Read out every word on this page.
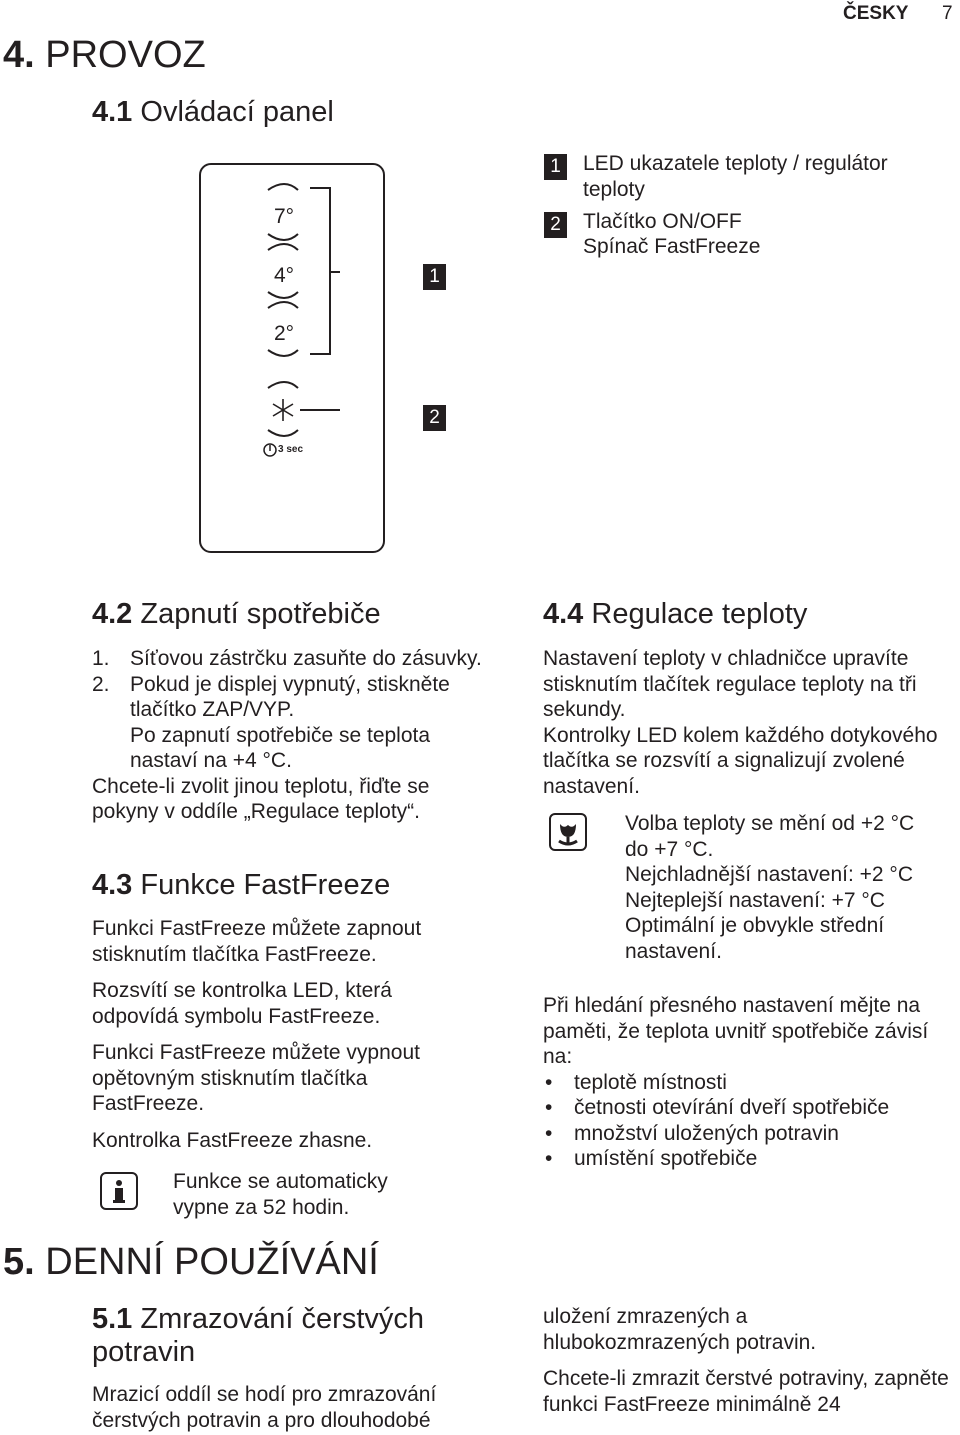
ČESKY 7
4. PROVOZ
4.1 Ovládací panel
7°
4°
2°
3 sec
1
2
1 LED ukazatele teploty / regulátor teploty
2 Tlačítko ON/OFF
Spínač FastFreeze
4.2 Zapnutí spotřebiče
1. Síťovou zástrčku zasuňte do zásuvky.
2. Pokud je displej vypnutý, stiskněte tlačítko ZAP/VYP.

Po zapnutí spotřebiče se teplota nastaví na +4 °C.

Chcete-li zvolit jinou teplotu, řiďte se pokyny v oddíle „Regulace teploty“.

4.3 Funkce FastFreeze

Funkci FastFreeze můžete zapnout stisknutím tlačítka FastFreeze.

Rozsvítí se kontrolka LED, která odpovídá symbolu FastFreeze.

Funkci FastFreeze můžete vypnout opětovným stisknutím tlačítka FastFreeze.

Kontrolka FastFreeze zhasne.

Funkce se automaticky vypne za 52 hodin.
4.4 Regulace teploty

Nastavení teploty v chladničce upravíte stisknutím tlačítek regulace teploty na tři sekundy.

Kontrolky LED kolem každého dotykového tlačítka se rozsvítí a signalizují zvolené nastavení.

Volba teploty se mění od +2 °C do +7 °C.

Nejchladnější nastavení: +2 °C

Nejteplejší nastavení: +7 °C

Optimální je obvykle střední nastavení.

Při hledání přesného nastavení mějte na paměti, že teplota uvnitř spotřebiče závisí na:

• teplotě místnosti
• četnosti otevírání dveří spotřebiče
• množství uložených potravin
• umístění spotřebiče
5. DENNÍ POUŽÍVÁNÍ
5.1 Zmrazování čerstvých potravin
Mrazicí oddíl se hodí pro zmrazování čerstvých potravin a pro dlouhodobé
uložení zmrazených a hlubokozmrazených potravin.
Chcete-li zmrazit čerstvé potraviny, zapněte funkci FastFreeze minimálně 24
